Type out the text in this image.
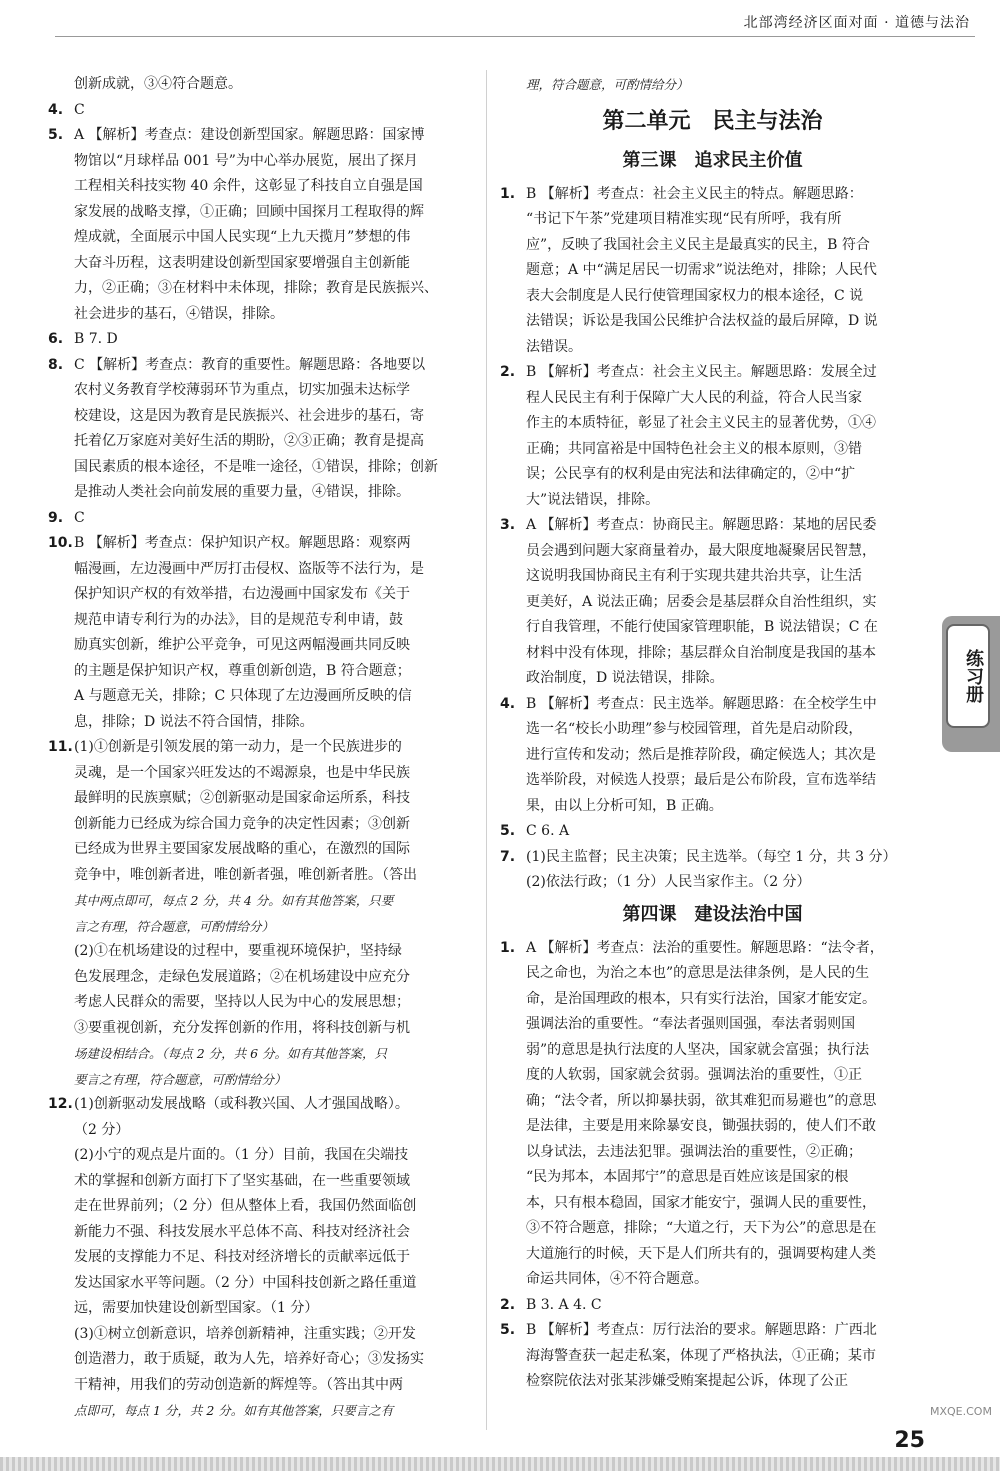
北部湾经济区面对面 · 道德与法治

创新成就，③④符合题意。

4. C
5. A 【解析】考查点：建设创新型国家。解题思路：国家博
物馆以“月球样品 001 号”为中心举办展览，展出了探月
工程相关科技实物 40 余件，这彰显了科技自立自强是国
家发展的战略支撑，①正确；回顾中国探月工程取得的辉
煌成就，全面展示中国人民实现“上九天揽月”梦想的伟
大奋斗历程，这表明建设创新型国家要增强自主创新能
力，②正确；③在材料中未体现，排除；教育是民族振兴、
社会进步的基石，④错误，排除。
6. B 7. D
8. C 【解析】考查点：教育的重要性。解题思路：各地要以
农村义务教育学校薄弱环节为重点，切实加强未达标学
校建设，这是因为教育是民族振兴、社会进步的基石，寄
托着亿万家庭对美好生活的期盼，②③正确；教育是提高
国民素质的根本途径，不是唯一途径，①错误，排除；创新
是推动人类社会向前发展的重要力量，④错误，排除。
9. C
10. B 【解析】考查点：保护知识产权。解题思路：观察两
幅漫画，左边漫画中严厉打击侵权、盗版等不法行为，是
保护知识产权的有效举措，右边漫画中国家发布《关于
规范申请专利行为的办法》，目的是规范专利申请，鼓
励真实创新，维护公平竞争，可见这两幅漫画共同反映
的主题是保护知识产权，尊重创新创造，B 符合题意；
A 与题意无关，排除；C 只体现了左边漫画所反映的信
息，排除；D 说法不符合国情，排除。
11. (1)①创新是引领发展的第一动力，是一个民族进步的
灵魂，是一个国家兴旺发达的不竭源泉，也是中华民族
最鲜明的民族禀赋；②创新驱动是国家命运所系，科技
创新能力已经成为综合国力竞争的决定性因素；③创新
已经成为世界主要国家发展战略的重心，在激烈的国际
竞争中，唯创新者进，唯创新者强，唯创新者胜。（答出
其中两点即可，每点 2 分，共 4 分。如有其他答案，只要
言之有理，符合题意，可酌情给分）
(2)①在机场建设的过程中，要重视环境保护，坚持绿
色发展理念，走绿色发展道路；②在机场建设中应充分
考虑人民群众的需要，坚持以人民为中心的发展思想；
③要重视创新，充分发挥创新的作用，将科技创新与机
场建设相结合。（每点 2 分，共 6 分。如有其他答案，只
要言之有理，符合题意，可酌情给分）
12. (1)创新驱动发展战略（或科教兴国、人才强国战略）。
（2 分）
(2)小宁的观点是片面的。（1 分）目前，我国在尖端技
术的掌握和创新方面打下了坚实基础，在一些重要领域
走在世界前列；（2 分）但从整体上看，我国仍然面临创
新能力不强、科技发展水平总体不高、科技对经济社会
发展的支撑能力不足、科技对经济增长的贡献率远低于
发达国家水平等问题。（2 分）中国科技创新之路任重道
远，需要加快建设创新型国家。（1 分）
(3)①树立创新意识，培养创新精神，注重实践；②开发
创造潜力，敢于质疑，敢为人先，培养好奇心；③发扬实
干精神，用我们的劳动创造新的辉煌等。（答出其中两
点即可，每点 1 分，共 2 分。如有其他答案，只要言之有

理，符合题意，可酌情给分）

第二单元　民主与法治
第三课　追求民主价值
1. B 【解析】考查点：社会主义民主的特点。解题思路：
“书记下午茶”党建项目精准实现“民有所呼，我有所
应”，反映了我国社会主义民主是最真实的民主，B 符合
题意；A 中“满足居民一切需求”说法绝对，排除；人民代
表大会制度是人民行使管理国家权力的根本途径，C 说
法错误；诉讼是我国公民维护合法权益的最后屏障，D 说
法错误。
2. B 【解析】考查点：社会主义民主。解题思路：发展全过
程人民民主有利于保障广大人民的利益，符合人民当家
作主的本质特征，彰显了社会主义民主的显著优势，①④
正确；共同富裕是中国特色社会主义的根本原则，③错
误；公民享有的权利是由宪法和法律确定的，②中“扩
大”说法错误，排除。
3. A 【解析】考查点：协商民主。解题思路：某地的居民委
员会遇到问题大家商量着办，最大限度地凝聚居民智慧，
这说明我国协商民主有利于实现共建共治共享，让生活
更美好，A 说法正确；居委会是基层群众自治性组织，实
行自我管理，不能行使国家管理职能，B 说法错误；C 在
材料中没有体现，排除；基层群众自治制度是我国的基本
政治制度，D 说法错误，排除。
4. B 【解析】考查点：民主选举。解题思路：在全校学生中
选一名“校长小助理”参与校园管理，首先是启动阶段，
进行宣传和发动；然后是推荐阶段，确定候选人；其次是
选举阶段，对候选人投票；最后是公布阶段，宣布选举结
果，由以上分析可知，B 正确。
5. C 6. A
7. (1)民主监督；民主决策；民主选举。（每空 1 分，共 3 分）
(2)依法行政；（1 分）人民当家作主。（2 分）
第四课　建设法治中国
1. A 【解析】考查点：法治的重要性。解题思路：“法令者，
民之命也，为治之本也”的意思是法律条例，是人民的生
命，是治国理政的根本，只有实行法治，国家才能安定。
强调法治的重要性。“奉法者强则国强，奉法者弱则国
弱”的意思是执行法度的人坚决，国家就会富强；执行法
度的人软弱，国家就会贫弱。强调法治的重要性，①正
确；“法令者，所以抑暴扶弱，欲其难犯而易避也”的意思
是法律，主要是用来除暴安良，锄强扶弱的，使人们不敢
以身试法，去违法犯罪。强调法治的重要性，②正确；
“民为邦本，本固邦宁”的意思是百姓应该是国家的根
本，只有根本稳固，国家才能安宁，强调人民的重要性，
③不符合题意，排除；“大道之行，天下为公”的意思是在
大道施行的时候，天下是人们所共有的，强调要构建人类
命运共同体，④不符合题意。
2. B 3. A 4. C
5. B 【解析】考查点：厉行法治的要求。解题思路：广西北
海海警查获一起走私案，体现了严格执法，①正确；某市
检察院依法对张某涉嫌受贿案提起公诉，体现了公正
练习册
MXQE.COM
25
